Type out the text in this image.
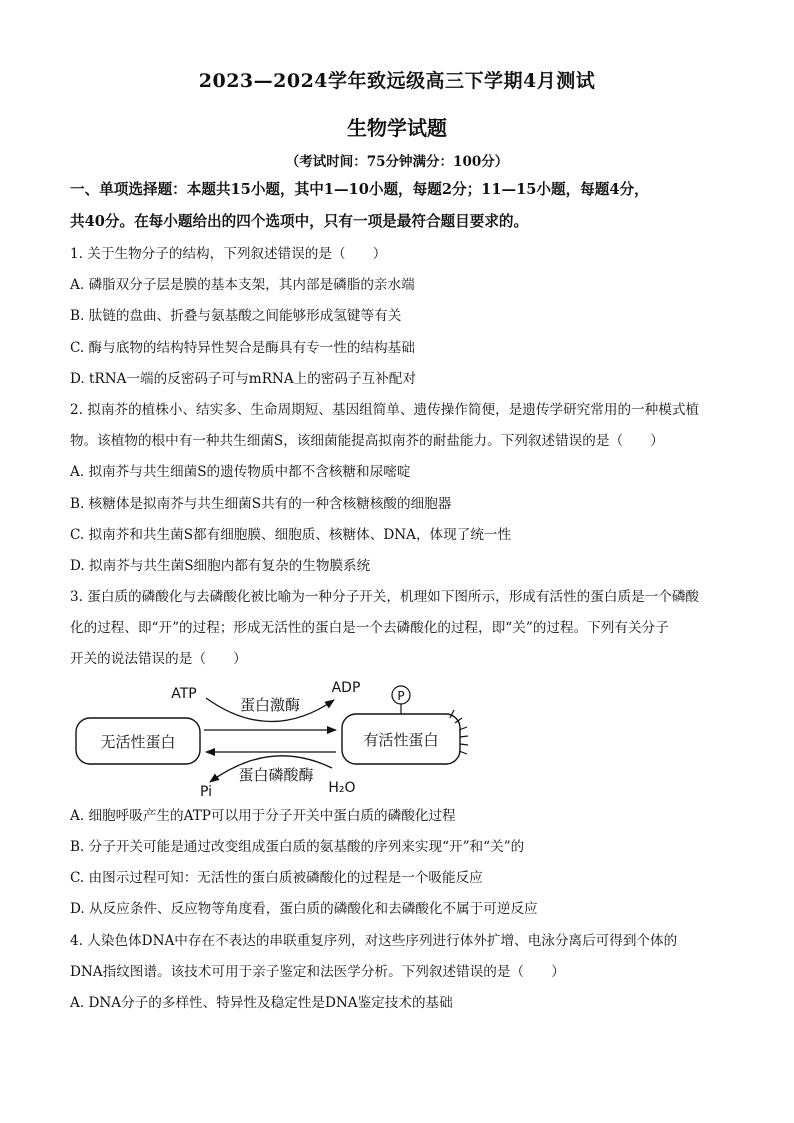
2023—2024学年致远级高三下学期4月测试
生物学试题
（考试时间：75分钟满分：100分）
一、单项选择题：本题共15小题，其中1—10小题，每题2分；11—15小题，每题4分，
共40分。在每小题给出的四个选项中，只有一项是最符合题目要求的。
1. 关于生物分子的结构，下列叙述错误的是（　　）
A. 磷脂双分子层是膜的基本支架，其内部是磷脂的亲水端
B. 肽链的盘曲、折叠与氨基酸之间能够形成氢键等有关
C. 酶与底物的结构特异性契合是酶具有专一性的结构基础
D. tRNA一端的反密码子可与mRNA上的密码子互补配对
2. 拟南芥的植株小、结实多、生命周期短、基因组简单、遗传操作简便，是遗传学研究常用的一种模式植
物。该植物的根中有一种共生细菌S，该细菌能提高拟南芥的耐盐能力。下列叙述错误的是（　　）
A. 拟南芥与共生细菌S的遗传物质中都不含核糖和尿嘧啶
B. 核糖体是拟南芥与共生细菌S共有的一种含核糖核酸的细胞器
C. 拟南芥和共生菌S都有细胞膜、细胞质、核糖体、DNA，体现了统一性
D. 拟南芥与共生菌S细胞内都有复杂的生物膜系统
3. 蛋白质的磷酸化与去磷酸化被比喻为一种分子开关，机理如下图所示，形成有活性的蛋白质是一个磷酸
化的过程、即“开”的过程；形成无活性的蛋白是一个去磷酸化的过程，即“关”的过程。下列有关分子
开关的说法错误的是（　　）
无活性蛋白	有活性蛋白
P
ATP	ADP
蛋白激酶
蛋白磷酸酶
Pi	H₂O
A. 细胞呼吸产生的ATP可以用于分子开关中蛋白质的磷酸化过程
B. 分子开关可能是通过改变组成蛋白质的氨基酸的序列来实现“开”和“关”的
C. 由图示过程可知：无活性的蛋白质被磷酸化的过程是一个吸能反应
D. 从反应条件、反应物等角度看，蛋白质的磷酸化和去磷酸化不属于可逆反应
4. 人染色体DNA中存在不表达的串联重复序列，对这些序列进行体外扩增、电泳分离后可得到个体的
DNA指纹图谱。该技术可用于亲子鉴定和法医学分析。下列叙述错误的是（　　）
A. DNA分子的多样性、特异性及稳定性是DNA鉴定技术的基础
